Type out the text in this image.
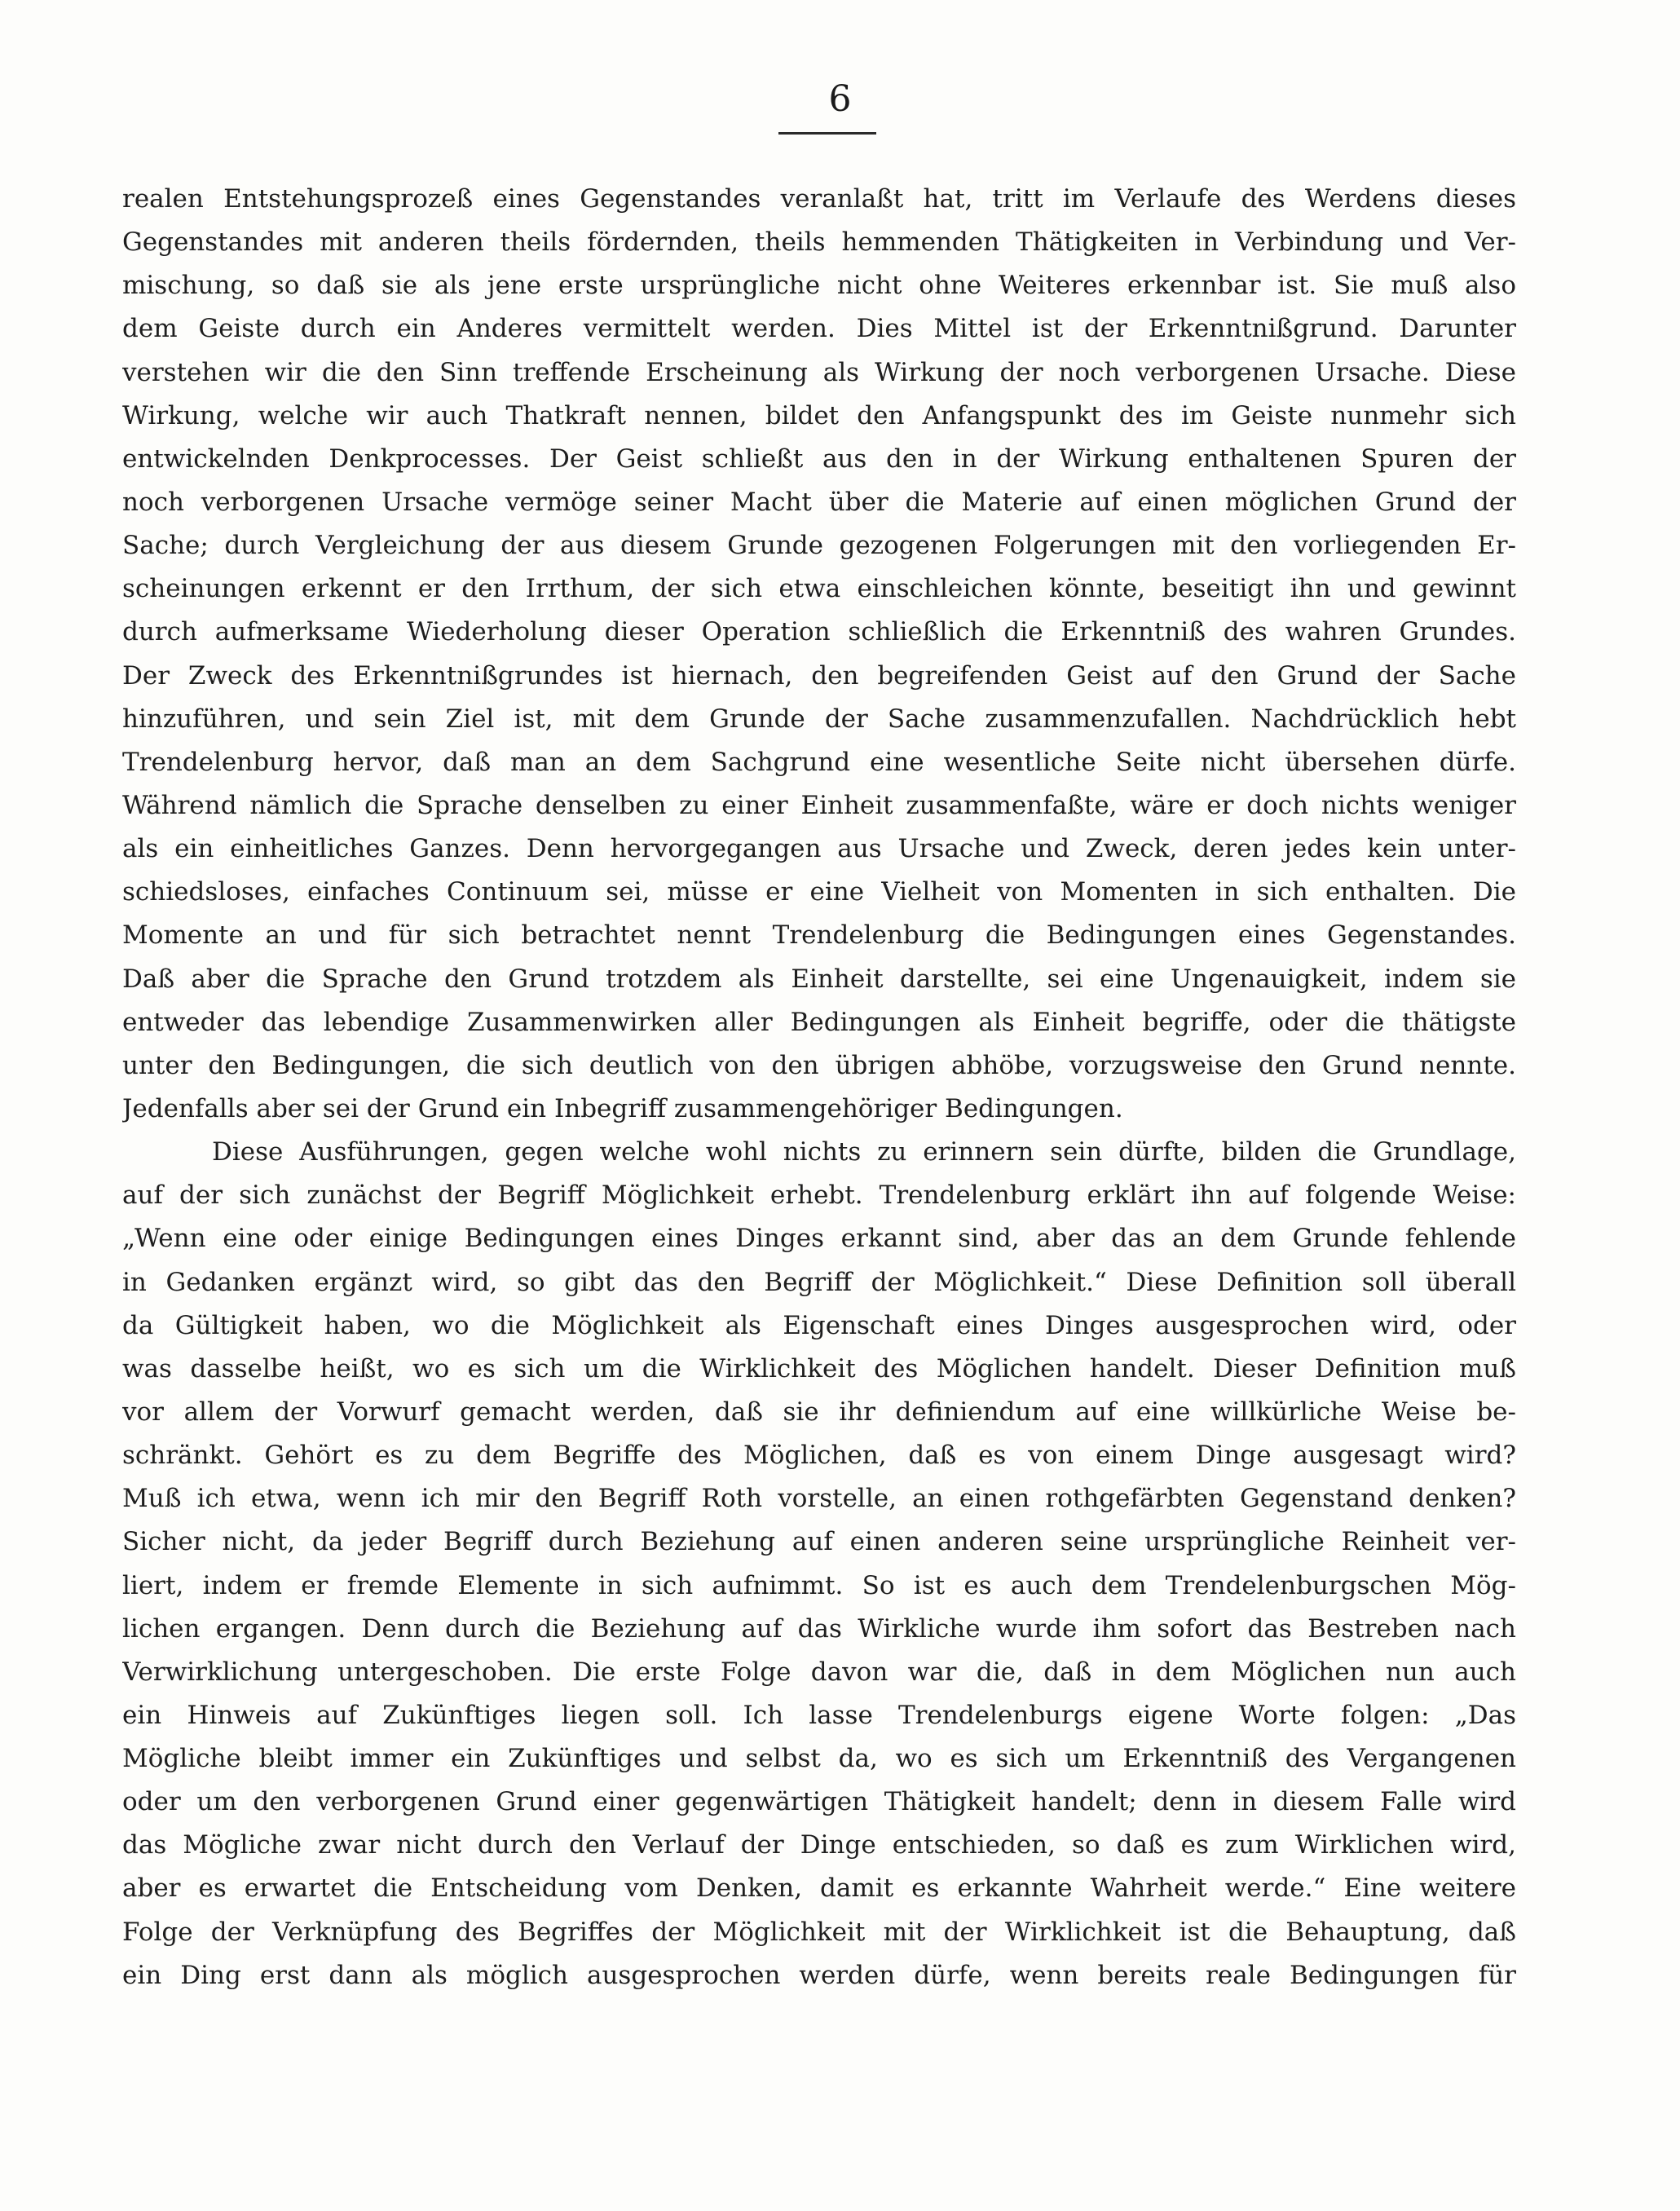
6
realen Entstehungsprozeß eines Gegenstandes veranlaßt hat, tritt im Verlaufe des Werdens dieses
Gegenstandes mit anderen theils fördernden, theils hemmenden Thätigkeiten in Verbindung und Ver-
mischung, so daß sie als jene erste ursprüngliche nicht ohne Weiteres erkennbar ist. Sie muß also
dem Geiste durch ein Anderes vermittelt werden. Dies Mittel ist der Erkenntnißgrund. Darunter
verstehen wir die den Sinn treffende Erscheinung als Wirkung der noch verborgenen Ursache. Diese
Wirkung, welche wir auch Thatkraft nennen, bildet den Anfangspunkt des im Geiste nunmehr sich
entwickelnden Denkprocesses. Der Geist schließt aus den in der Wirkung enthaltenen Spuren der
noch verborgenen Ursache vermöge seiner Macht über die Materie auf einen möglichen Grund der
Sache; durch Vergleichung der aus diesem Grunde gezogenen Folgerungen mit den vorliegenden Er-
scheinungen erkennt er den Irrthum, der sich etwa einschleichen könnte, beseitigt ihn und gewinnt
durch aufmerksame Wiederholung dieser Operation schließlich die Erkenntniß des wahren Grundes.
Der Zweck des Erkenntnißgrundes ist hiernach, den begreifenden Geist auf den Grund der Sache
hinzuführen, und sein Ziel ist, mit dem Grunde der Sache zusammenzufallen. Nachdrücklich hebt
Trendelenburg hervor, daß man an dem Sachgrund eine wesentliche Seite nicht übersehen dürfe.
Während nämlich die Sprache denselben zu einer Einheit zusammenfaßte, wäre er doch nichts weniger
als ein einheitliches Ganzes. Denn hervorgegangen aus Ursache und Zweck, deren jedes kein unter-
schiedsloses, einfaches Continuum sei, müsse er eine Vielheit von Momenten in sich enthalten. Die
Momente an und für sich betrachtet nennt Trendelenburg die Bedingungen eines Gegenstandes.
Daß aber die Sprache den Grund trotzdem als Einheit darstellte, sei eine Ungenauigkeit, indem sie
entweder das lebendige Zusammenwirken aller Bedingungen als Einheit begriffe, oder die thätigste
unter den Bedingungen, die sich deutlich von den übrigen abhöbe, vorzugsweise den Grund nennte.
Jedenfalls aber sei der Grund ein Inbegriff zusammengehöriger Bedingungen.
Diese Ausführungen, gegen welche wohl nichts zu erinnern sein dürfte, bilden die Grundlage,
auf der sich zunächst der Begriff Möglichkeit erhebt. Trendelenburg erklärt ihn auf folgende Weise:
„Wenn eine oder einige Bedingungen eines Dinges erkannt sind, aber das an dem Grunde fehlende
in Gedanken ergänzt wird, so gibt das den Begriff der Möglichkeit.“ Diese Definition soll überall
da Gültigkeit haben, wo die Möglichkeit als Eigenschaft eines Dinges ausgesprochen wird, oder
was dasselbe heißt, wo es sich um die Wirklichkeit des Möglichen handelt. Dieser Definition muß
vor allem der Vorwurf gemacht werden, daß sie ihr definiendum auf eine willkürliche Weise be-
schränkt. Gehört es zu dem Begriffe des Möglichen, daß es von einem Dinge ausgesagt wird?
Muß ich etwa, wenn ich mir den Begriff Roth vorstelle, an einen rothgefärbten Gegenstand denken?
Sicher nicht, da jeder Begriff durch Beziehung auf einen anderen seine ursprüngliche Reinheit ver-
liert, indem er fremde Elemente in sich aufnimmt. So ist es auch dem Trendelenburgschen Mög-
lichen ergangen. Denn durch die Beziehung auf das Wirkliche wurde ihm sofort das Bestreben nach
Verwirklichung untergeschoben. Die erste Folge davon war die, daß in dem Möglichen nun auch
ein Hinweis auf Zukünftiges liegen soll. Ich lasse Trendelenburgs eigene Worte folgen: „Das
Mögliche bleibt immer ein Zukünftiges und selbst da, wo es sich um Erkenntniß des Vergangenen
oder um den verborgenen Grund einer gegenwärtigen Thätigkeit handelt; denn in diesem Falle wird
das Mögliche zwar nicht durch den Verlauf der Dinge entschieden, so daß es zum Wirklichen wird,
aber es erwartet die Entscheidung vom Denken, damit es erkannte Wahrheit werde.“ Eine weitere
Folge der Verknüpfung des Begriffes der Möglichkeit mit der Wirklichkeit ist die Behauptung, daß
ein Ding erst dann als möglich ausgesprochen werden dürfe, wenn bereits reale Bedingungen für
